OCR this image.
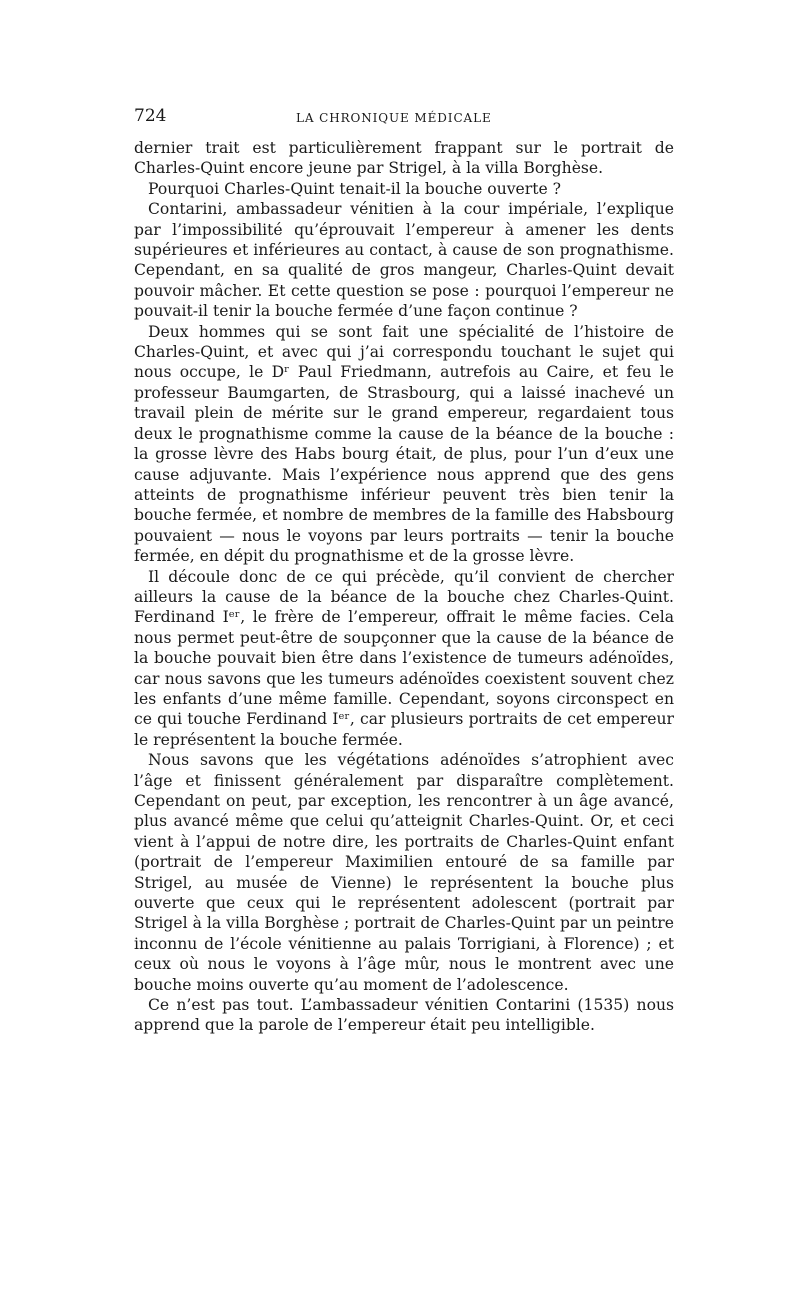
724	LA CHRONIQUE MÉDICALE

dernier trait est particulièrement frappant sur le portrait de Charles-Quint encore jeune par Strigel, à la villa Borghèse.

Pourquoi Charles-Quint tenait-il la bouche ouverte ?

Contarini, ambassadeur vénitien à la cour impériale, l’explique par l’impossibilité qu’éprouvait l’empereur à amener les dents supérieures et inférieures au contact, à cause de son prognathisme. Cependant, en sa qualité de gros mangeur, Charles-Quint devait pouvoir mâcher. Et cette question se pose : pourquoi l’empereur ne pouvait-il tenir la bouche fermée d’une façon continue ?

Deux hommes qui se sont fait une spécialité de l’histoire de Charles-Quint, et avec qui j’ai correspondu touchant le sujet qui nous occupe, le Dʳ Paul Friedmann, autrefois au Caire, et feu le professeur Baumgarten, de Strasbourg, qui a laissé inachevé un travail plein de mérite sur le grand empereur, regardaient tous deux le prognathisme comme la cause de la béance de la bouche : la grosse lèvre des Habs bourg était, de plus, pour l’un d’eux une cause adjuvante. Mais l’expérience nous apprend que des gens atteints de prognathisme inférieur peuvent très bien tenir la bouche fermée, et nombre de membres de la famille des Habsbourg pouvaient — nous le voyons par leurs portraits — tenir la bouche fermée, en dépit du prognathisme et de la grosse lèvre.

Il découle donc de ce qui précède, qu’il convient de chercher ailleurs la cause de la béance de la bouche chez Charles-Quint. Ferdinand Iᵉʳ, le frère de l’empereur, offrait le même facies. Cela nous permet peut-être de soupçonner que la cause de la béance de la bouche pouvait bien être dans l’existence de tumeurs adénoïdes, car nous savons que les tumeurs adénoïdes coexistent souvent chez les enfants d’une même famille. Cependant, soyons circonspect en ce qui touche Ferdinand Iᵉʳ, car plusieurs portraits de cet empereur le représentent la bouche fermée.

Nous savons que les végétations adénoïdes s’atrophient avec l’âge et finissent généralement par disparaître complètement. Cependant on peut, par exception, les rencontrer à un âge avancé, plus avancé même que celui qu’atteignit Charles-Quint. Or, et ceci vient à l’appui de notre dire, les portraits de Charles-Quint enfant (portrait de l’empereur Maximilien entouré de sa famille par Strigel, au musée de Vienne) le représentent la bouche plus ouverte que ceux qui le représentent adolescent (portrait par Strigel à la villa Borghèse ; portrait de Charles-Quint par un peintre inconnu de l’école vénitienne au palais Torrigiani, à Florence) ; et ceux où nous le voyons à l’âge mûr, nous le montrent avec une bouche moins ouverte qu’au moment de l’adolescence.

Ce n’est pas tout. L’ambassadeur vénitien Contarini (1535) nous apprend que la parole de l’empereur était peu intelligible.
